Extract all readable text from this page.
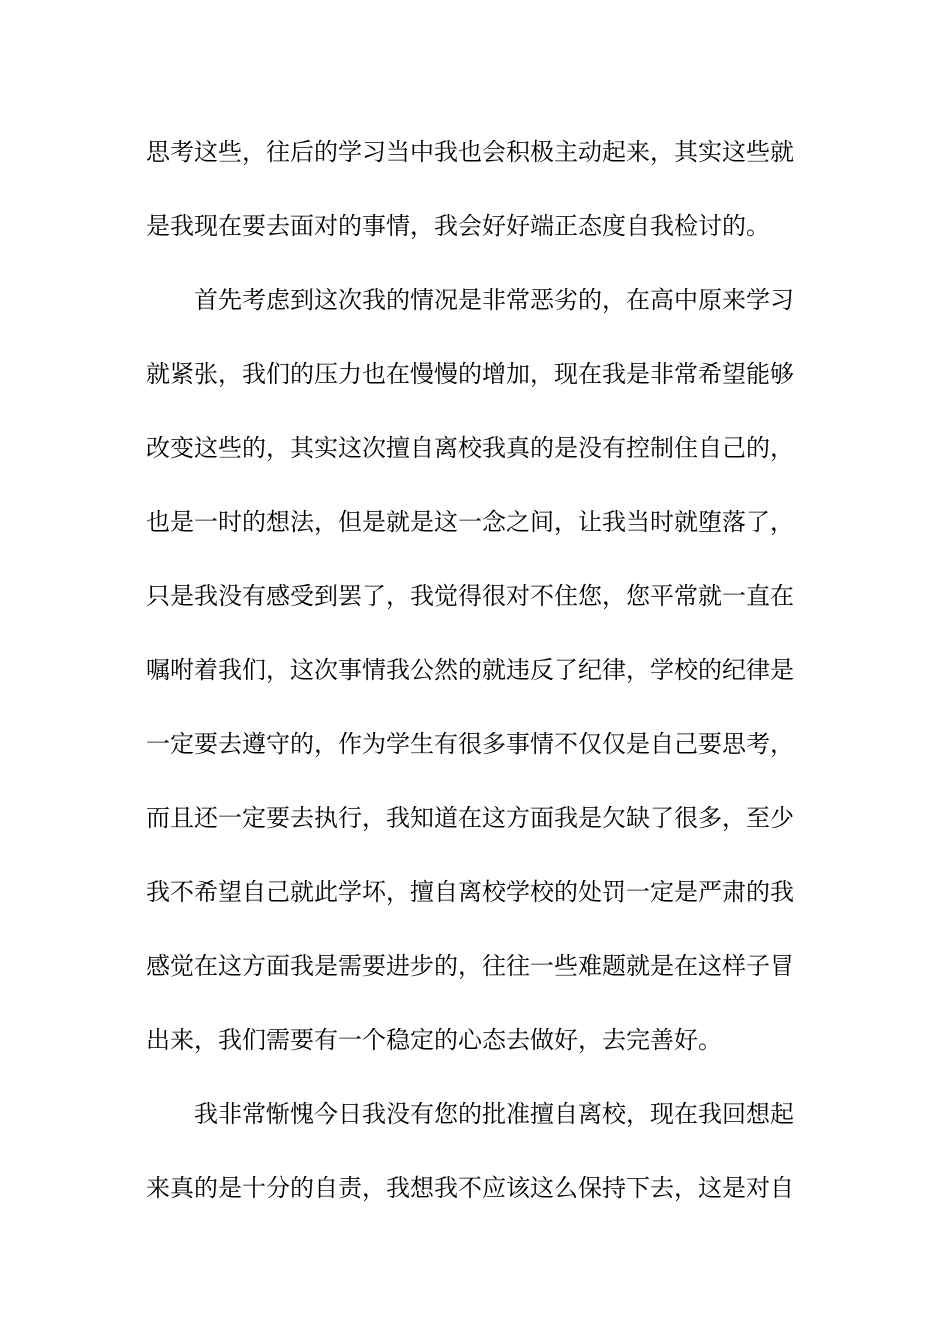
思考这些，往后的学习当中我也会积极主动起来，其实这些就
是我现在要去面对的事情，我会好好端正态度自我检讨的。
　　首先考虑到这次我的情况是非常恶劣的，在高中原来学习
就紧张，我们的压力也在慢慢的增加，现在我是非常希望能够
改变这些的，其实这次擅自离校我真的是没有控制住自己的，
也是一时的想法，但是就是这一念之间，让我当时就堕落了，
只是我没有感受到罢了，我觉得很对不住您，您平常就一直在
嘱咐着我们，这次事情我公然的就违反了纪律，学校的纪律是
一定要去遵守的，作为学生有很多事情不仅仅是自己要思考，
而且还一定要去执行，我知道在这方面我是欠缺了很多，至少
我不希望自己就此学坏，擅自离校学校的处罚一定是严肃的我
感觉在这方面我是需要进步的，往往一些难题就是在这样子冒
出来，我们需要有一个稳定的心态去做好，去完善好。
　　我非常惭愧今日我没有您的批准擅自离校，现在我回想起
来真的是十分的自责，我想我不应该这么保持下去，这是对自
